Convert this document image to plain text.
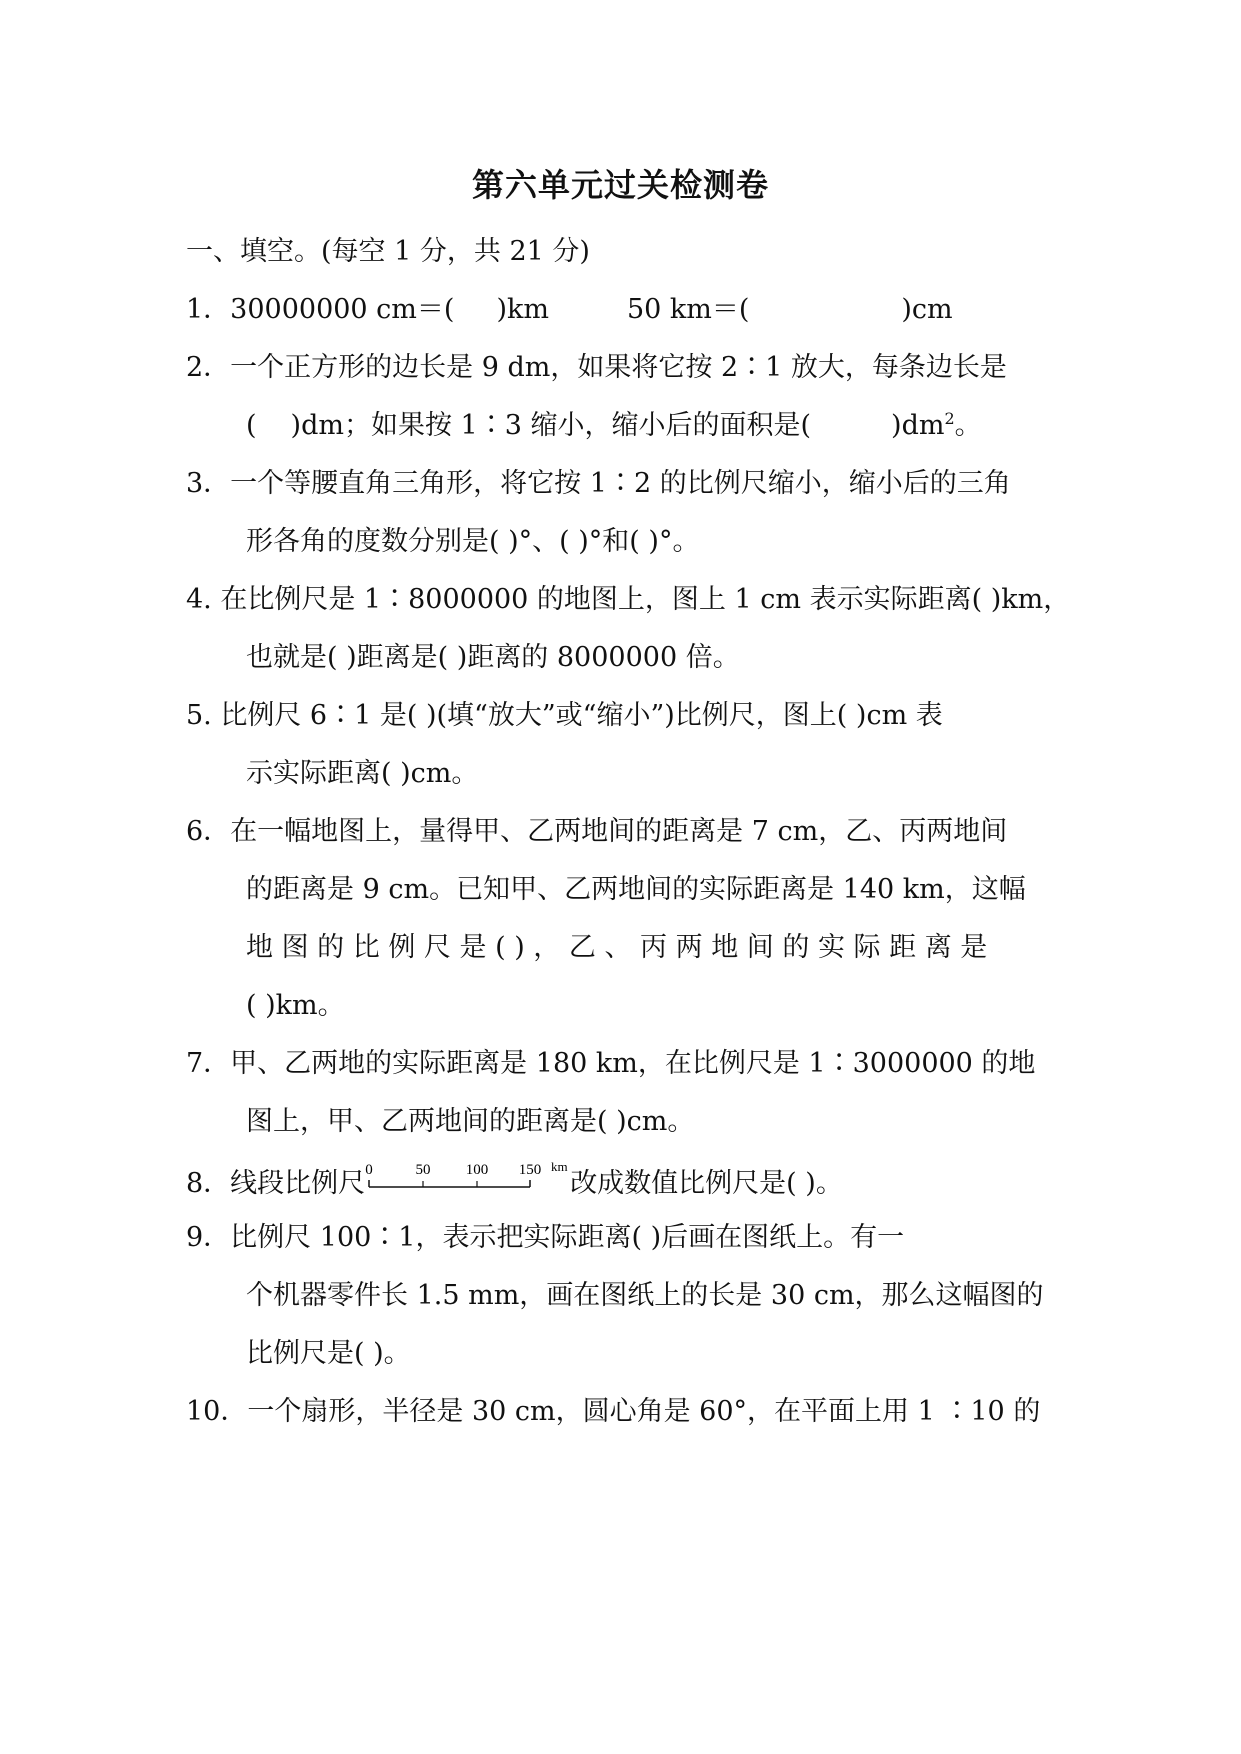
第六单元过关检测卷
一、填空。(每空 1 分，共 21 分)
1．30000000 cm＝( )km	50 km＝(	)cm
2．一个正方形的边长是 9 dm，如果将它按 2∶1 放大，每条边长是
( )dm；如果按 1∶3 缩小，缩小后的面积是(	)$dm^2$。
3．一个等腰直角三角形，将它按 1∶2 的比例尺缩小，缩小后的三角
形各角的度数分别是( )°、( )°和( )°。
4. 在比例尺是 1∶8000000 的地图上，图上 1 cm 表示实际距离( )km，
也就是( )距离是( )距离的 8000000 倍。
5. 比例尺 6∶1 是( )(填“放大”或“缩小”)比例尺，图上( )cm 表
示实际距离( )cm。
6．在一幅地图上，量得甲、乙两地间的距离是 7 cm，乙、丙两地间
的距离是 9 cm。已知甲、乙两地间的实际距离是 140 km，这幅
地 图 的 比 例 尺 是 ( ) ， 乙 、 丙 两 地 间 的 实 际 距 离 是
( )km。
7．甲、乙两地的实际距离是 180 km，在比例尺是 1∶3000000 的地
图上，甲、乙两地间的距离是( )cm。
8．线段比例尺 0	50 100 150 km
改成数值比例尺是( )。
9．比例尺 100∶1，表示把实际距离( )后画在图纸上。有一
个机器零件长 1.5 mm，画在图纸上的长是 30 cm，那么这幅图的
比例尺是( )。
10．一个扇形，半径是 30 cm，圆心角是 60°，在平面上用 1 ∶10 的
